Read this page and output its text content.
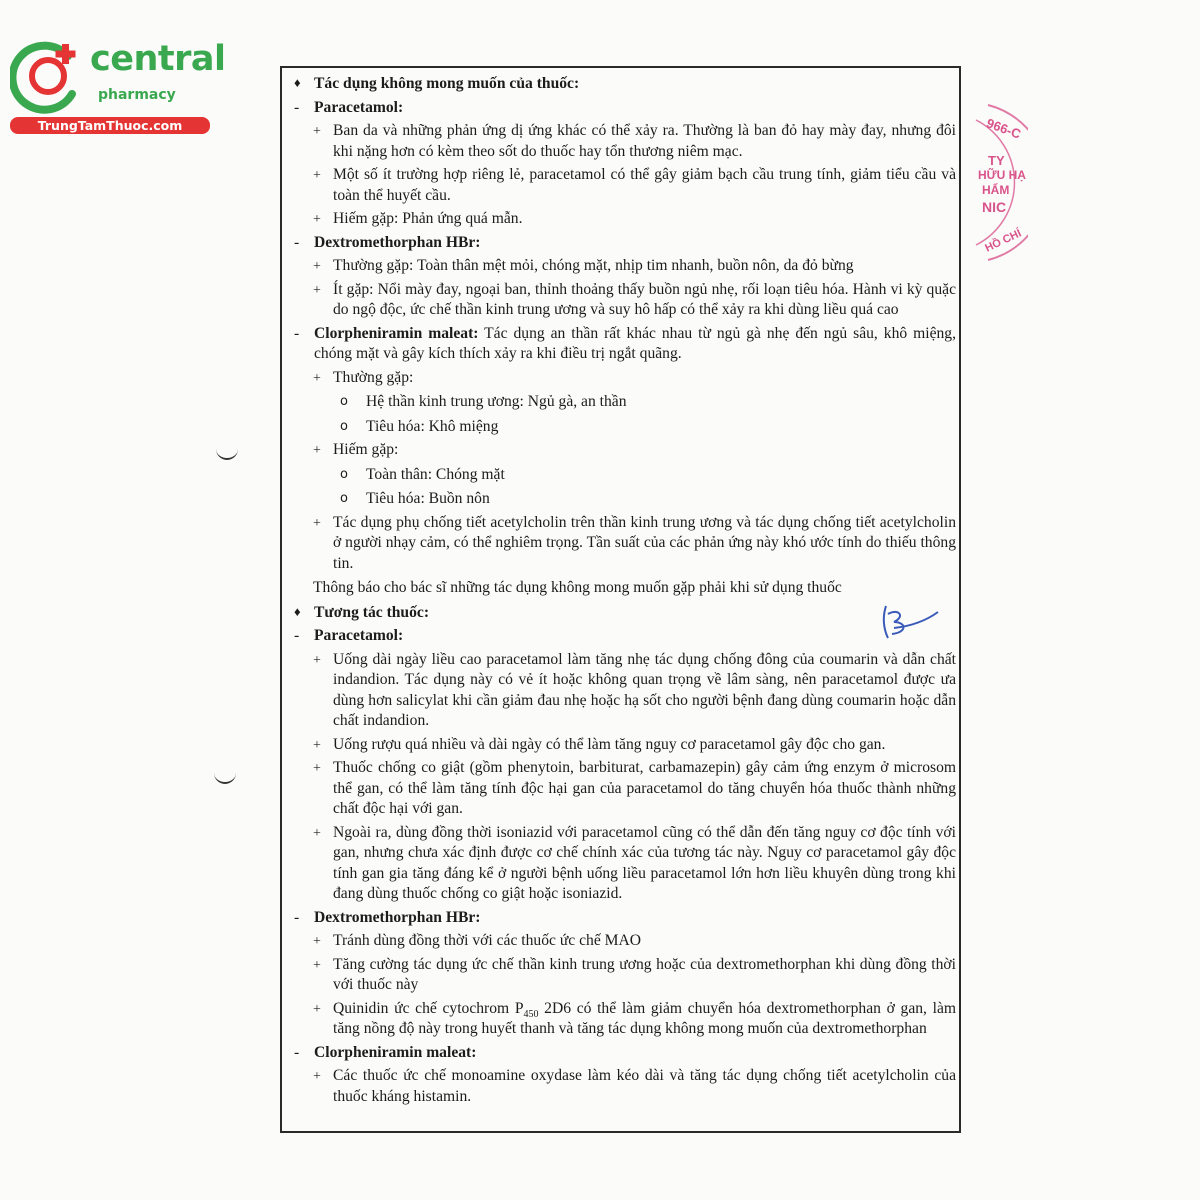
central
pharmacy
TrungTamThuoc.com	966-C
TY
HỮU HẠ
HẨM
NIC
HỒ CHÍ
♦ Tác dụng không mong muốn của thuốc:
- Paracetamol:
+ Ban da và những phản ứng dị ứng khác có thể xảy ra. Thường là ban đỏ hay mày đay, nhưng đôi khi nặng hơn có kèm theo sốt do thuốc hay tổn thương niêm mạc.
+ Một số ít trường hợp riêng lẻ, paracetamol có thể gây giảm bạch cầu trung tính, giảm tiểu cầu và toàn thể huyết cầu.
+ Hiếm gặp: Phản ứng quá mẫn.
- Dextromethorphan HBr:
+ Thường gặp: Toàn thân mệt mỏi, chóng mặt, nhịp tim nhanh, buồn nôn, da đỏ bừng
+ Ít gặp: Nổi mày đay, ngoại ban, thỉnh thoảng thấy buồn ngủ nhẹ, rối loạn tiêu hóa. Hành vi kỳ quặc do ngộ độc, ức chế thần kinh trung ương và suy hô hấp có thể xảy ra khi dùng liều quá cao
- Clorpheniramin maleat: Tác dụng an thần rất khác nhau từ ngủ gà nhẹ đến ngủ sâu, khô miệng, chóng mặt và gây kích thích xảy ra khi điều trị ngắt quãng.
+ Thường gặp:
o Hệ thần kinh trung ương: Ngủ gà, an thần
o Tiêu hóa: Khô miệng
+ Hiếm gặp:
o Toàn thân: Chóng mặt
o Tiêu hóa: Buồn nôn
+ Tác dụng phụ chống tiết acetylcholin trên thần kinh trung ương và tác dụng chống tiết acetylcholin ở người nhạy cảm, có thể nghiêm trọng. Tần suất của các phản ứng này khó ước tính do thiếu thông tin.
Thông báo cho bác sĩ những tác dụng không mong muốn gặp phải khi sử dụng thuốc
♦ Tương tác thuốc:
- Paracetamol:
+ Uống dài ngày liều cao paracetamol làm tăng nhẹ tác dụng chống đông của coumarin và dẫn chất indandion. Tác dụng này có vẻ ít hoặc không quan trọng về lâm sàng, nên paracetamol được ưa dùng hơn salicylat khi cần giảm đau nhẹ hoặc hạ sốt cho người bệnh đang dùng coumarin hoặc dẫn chất indandion.
+ Uống rượu quá nhiều và dài ngày có thể làm tăng nguy cơ paracetamol gây độc cho gan.
+ Thuốc chống co giật (gồm phenytoin, barbiturat, carbamazepin) gây cảm ứng enzym ở microsom thể gan, có thể làm tăng tính độc hại gan của paracetamol do tăng chuyển hóa thuốc thành những chất độc hại với gan.
+ Ngoài ra, dùng đồng thời isoniazid với paracetamol cũng có thể dẫn đến tăng nguy cơ độc tính với gan, nhưng chưa xác định được cơ chế chính xác của tương tác này. Nguy cơ paracetamol gây độc tính gan gia tăng đáng kể ở người bệnh uống liều paracetamol lớn hơn liều khuyên dùng trong khi đang dùng thuốc chống co giật hoặc isoniazid.
- Dextromethorphan HBr:
+ Tránh dùng đồng thời với các thuốc ức chế MAO
+ Tăng cường tác dụng ức chế thần kinh trung ương hoặc của dextromethorphan khi dùng đồng thời với thuốc này
+ Quinidin ức chế cytochrom $P_{450}$ 2D6 có thể làm giảm chuyển hóa dextromethorphan ở gan, làm tăng nồng độ này trong huyết thanh và tăng tác dụng không mong muốn của dextromethorphan
- Clorpheniramin maleat:
+ Các thuốc ức chế monoamine oxydase làm kéo dài và tăng tác dụng chống tiết acetylcholin của thuốc kháng histamin.
